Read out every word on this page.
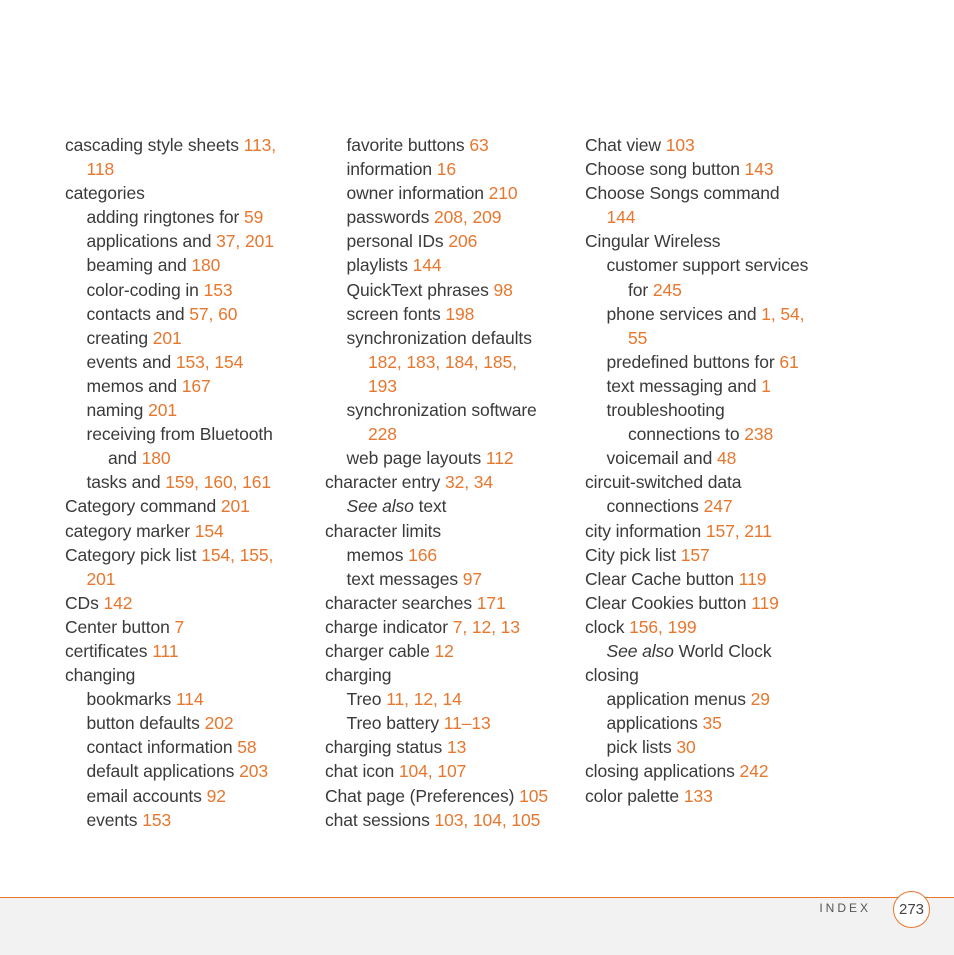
cascading style sheets 113,
118
categories
adding ringtones for 59
applications and 37, 201
beaming and 180
color-coding in 153
contacts and 57, 60
creating 201
events and 153, 154
memos and 167
naming 201
receiving from Bluetooth
and 180
tasks and 159, 160, 161
Category command 201
category marker 154
Category pick list 154, 155,
201
CDs 142
Center button 7
certificates 111
changing
bookmarks 114
button defaults 202
contact information 58
default applications 203
email accounts 92
events 153
favorite buttons 63
information 16
owner information 210
passwords 208, 209
personal IDs 206
playlists 144
QuickText phrases 98
screen fonts 198
synchronization defaults
182, 183, 184, 185,
193
synchronization software
228
web page layouts 112
character entry 32, 34
See also text
character limits
memos 166
text messages 97
character searches 171
charge indicator 7, 12, 13
charger cable 12
charging
Treo 11, 12, 14
Treo battery 11–13
charging status 13
chat icon 104, 107
Chat page (Preferences) 105
chat sessions 103, 104, 105
Chat view 103
Choose song button 143
Choose Songs command
144
Cingular Wireless
customer support services
for 245
phone services and 1, 54,
55
predefined buttons for 61
text messaging and 1
troubleshooting
connections to 238
voicemail and 48
circuit-switched data
connections 247
city information 157, 211
City pick list 157
Clear Cache button 119
Clear Cookies button 119
clock 156, 199
See also World Clock
closing
application menus 29
applications 35
pick lists 30
closing applications 242
color palette 133
INDEX	273
